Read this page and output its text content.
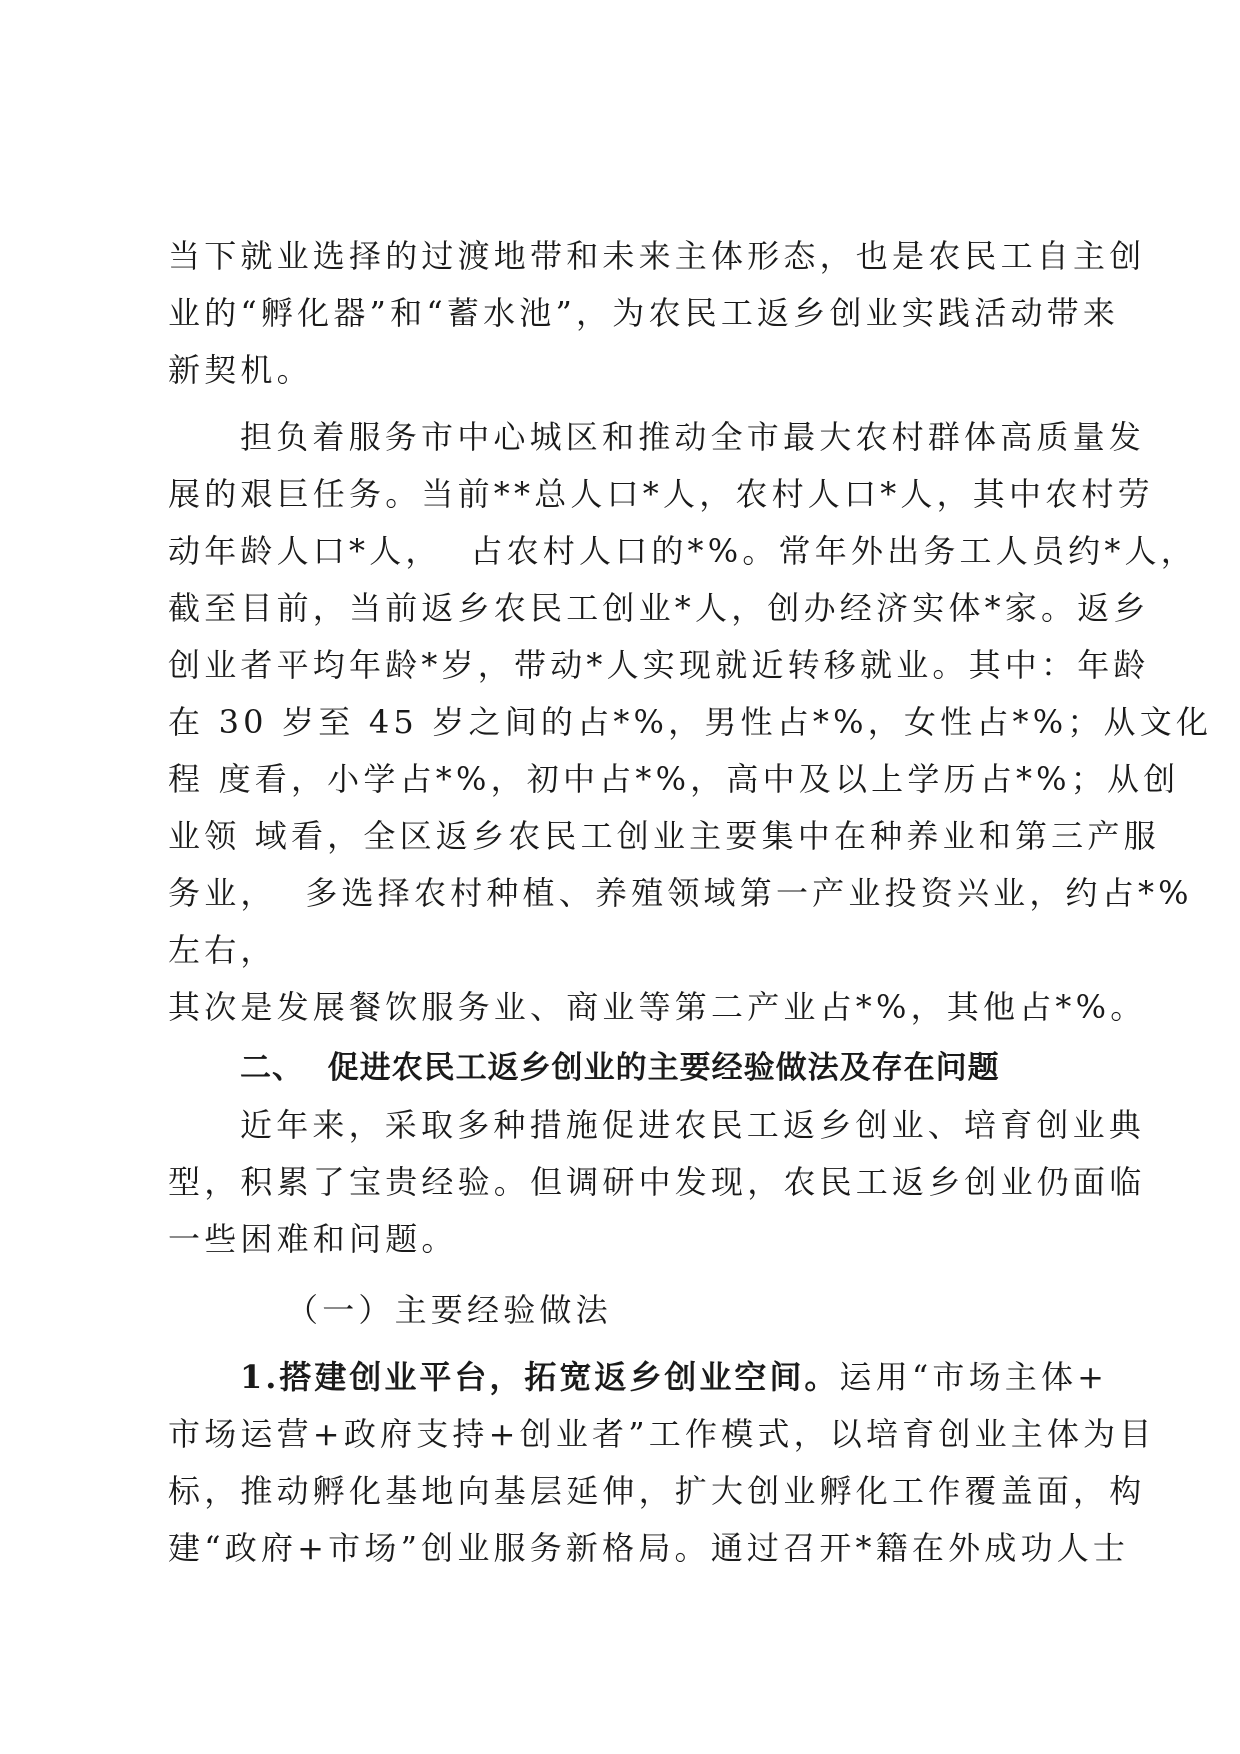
当下就业选择的过渡地带和未来主体形态，也是农民工自主创
业的“孵化器”和“蓄水池”，为农民工返乡创业实践活动带来
新契机。
担负着服务市中心城区和推动全市最大农村群体高质量发
展的艰巨任务。当前**总人口*人，农村人口*人，其中农村劳
动年龄人口*人，  占农村人口的*%。常年外出务工人员约*人，
截至目前，当前返乡农民工创业*人，创办经济实体*家。返乡
创业者平均年龄*岁，带动*人实现就近转移就业。其中：年龄
在 30 岁至 45 岁之间的占*%，男性占*%，女性占*%；从文化
程 度看，小学占*%，初中占*%，高中及以上学历占*%；从创
业领 域看，全区返乡农民工创业主要集中在种养业和第三产服
务业，  多选择农村种植、养殖领域第一产业投资兴业，约占*%
左右，
其次是发展餐饮服务业、商业等第二产业占*%，其他占*%。
二、  促进农民工返乡创业的主要经验做法及存在问题
近年来，采取多种措施促进农民工返乡创业、培育创业典
型，积累了宝贵经验。但调研中发现，农民工返乡创业仍面临
一些困难和问题。
（一）主要经验做法
1.搭建创业平台，拓宽返乡创业空间。运用“市场主体+
市场运营+政府支持+创业者”工作模式，以培育创业主体为目
标，推动孵化基地向基层延伸，扩大创业孵化工作覆盖面，构
建“政府+市场”创业服务新格局。通过召开*籍在外成功人士
